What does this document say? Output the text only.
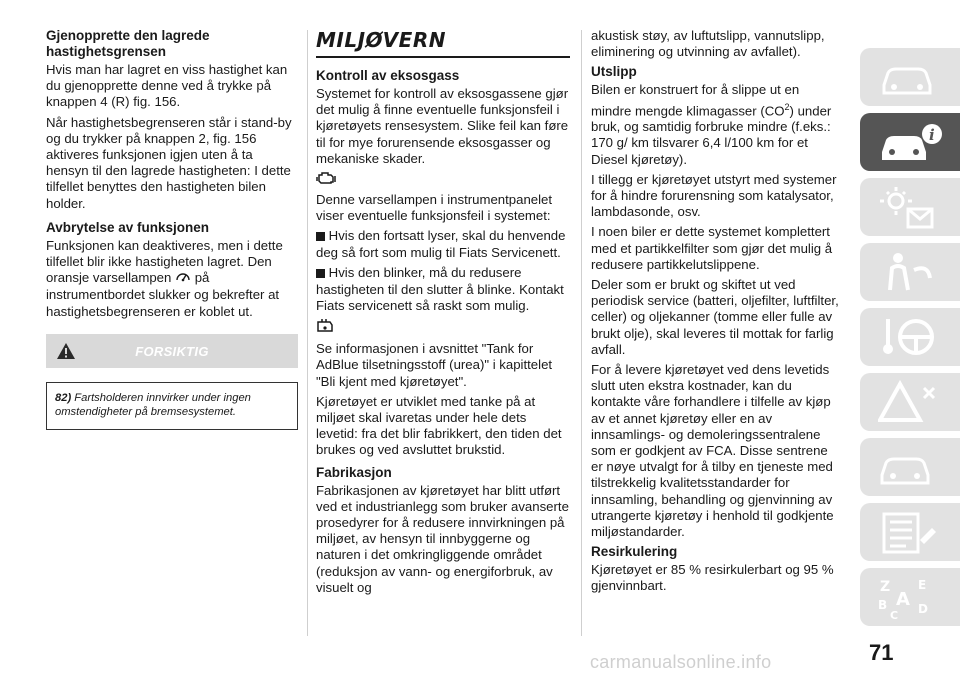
Gjenopprette den lagrede hastighetsgrensen

Hvis man har lagret en viss hastighet kan du gjenopprette denne ved å trykke på knappen 4 (R) fig. 156.

Når hastighetsbegrenseren står i stand-by og du trykker på knappen 2, fig. 156 aktiveres funksjonen igjen uten å ta hensyn til den lagrede hastigheten: I dette tilfellet benyttes den hastigheten bilen holder.

Avbrytelse av funksjonen

Funksjonen kan deaktiveres, men i dette tilfellet blir ikke hastigheten lagret. Den oransje varsellampen på instrumentbordet slukker og bekrefter at hastighetsbegrenseren er koblet ut.

FORSIKTIG
82) Fartsholderen innvirker under ingen omstendigheter på bremsesystemet.
MILJØVERN
Kontroll av eksosgass

Systemet for kontroll av eksosgassene gjør det mulig å finne eventuelle funksjonsfeil i kjøretøyets rensesystem. Slike feil kan føre til for mye forurensende eksosgasser og mekaniske skader.

Denne varsellampen i instrumentpanelet viser eventuelle funksjonsfeil i systemet:

Hvis den fortsatt lyser, skal du henvende deg så fort som mulig til Fiats Servicenett.

Hvis den blinker, må du redusere hastigheten til den slutter å blinke. Kontakt Fiats servicenett så raskt som mulig.

Se informasjonen i avsnittet "Tank for AdBlue tilsetningsstoff (urea)" i kapittelet "Bli kjent med kjøretøyet".

Kjøretøyet er utviklet med tanke på at miljøet skal ivaretas under hele dets levetid: fra det blir fabrikkert, den tiden det brukes og ved avsluttet brukstid.

Fabrikasjon

Fabrikasjonen av kjøretøyet har blitt utført ved et industrianlegg som bruker avanserte prosedyrer for å redusere innvirkningen på miljøet, av hensyn til innbyggerne og naturen i det omkringliggende området (reduksjon av vann- og energiforbruk, av visuelt og

akustisk støy, av luftutslipp, vannutslipp, eliminering og utvinning av avfallet).

Utslipp

Bilen er konstruert for å slippe ut en mindre mengde klimagasser $(CO^2)$ under bruk, og samtidig forbruke mindre (f.eks.: 170 g/ km tilsvarer 6,4 l/100 km for et Diesel kjøretøy).

I tillegg er kjøretøyet utstyrt med systemer for å hindre forurensning som katalysator, lambdasonde, osv.

I noen biler er dette systemet komplettert med et partikkelfilter som gjør det mulig å redusere partikkelutslippene.

Deler som er brukt og skiftet ut ved periodisk service (batteri, oljefilter, luftfilter, celler) og oljekanner (tomme eller fulle av brukt olje), skal leveres til mottak for farlig avfall.

For å levere kjøretøyet ved dens levetids slutt uten ekstra kostnader, kan du kontakte våre forhandlere i tilfelle av kjøp av et annet kjøretøy eller en av innsamlings- og demoleringssentralene som er godkjent av FCA. Disse sentrene er nøye utvalgt for å tilby en tjeneste med tilstrekkelig kvalitetsstandarder for innsamling, behandling og gjenvinning av utrangerte kjøretøy i henhold til godkjente miljøstandarder.

Resirkulering

Kjøretøyet er 85 % resirkulerbart og 95 % gjenvinnbart.

i
Z E
B A D
C
71
carmanualsonline.info
